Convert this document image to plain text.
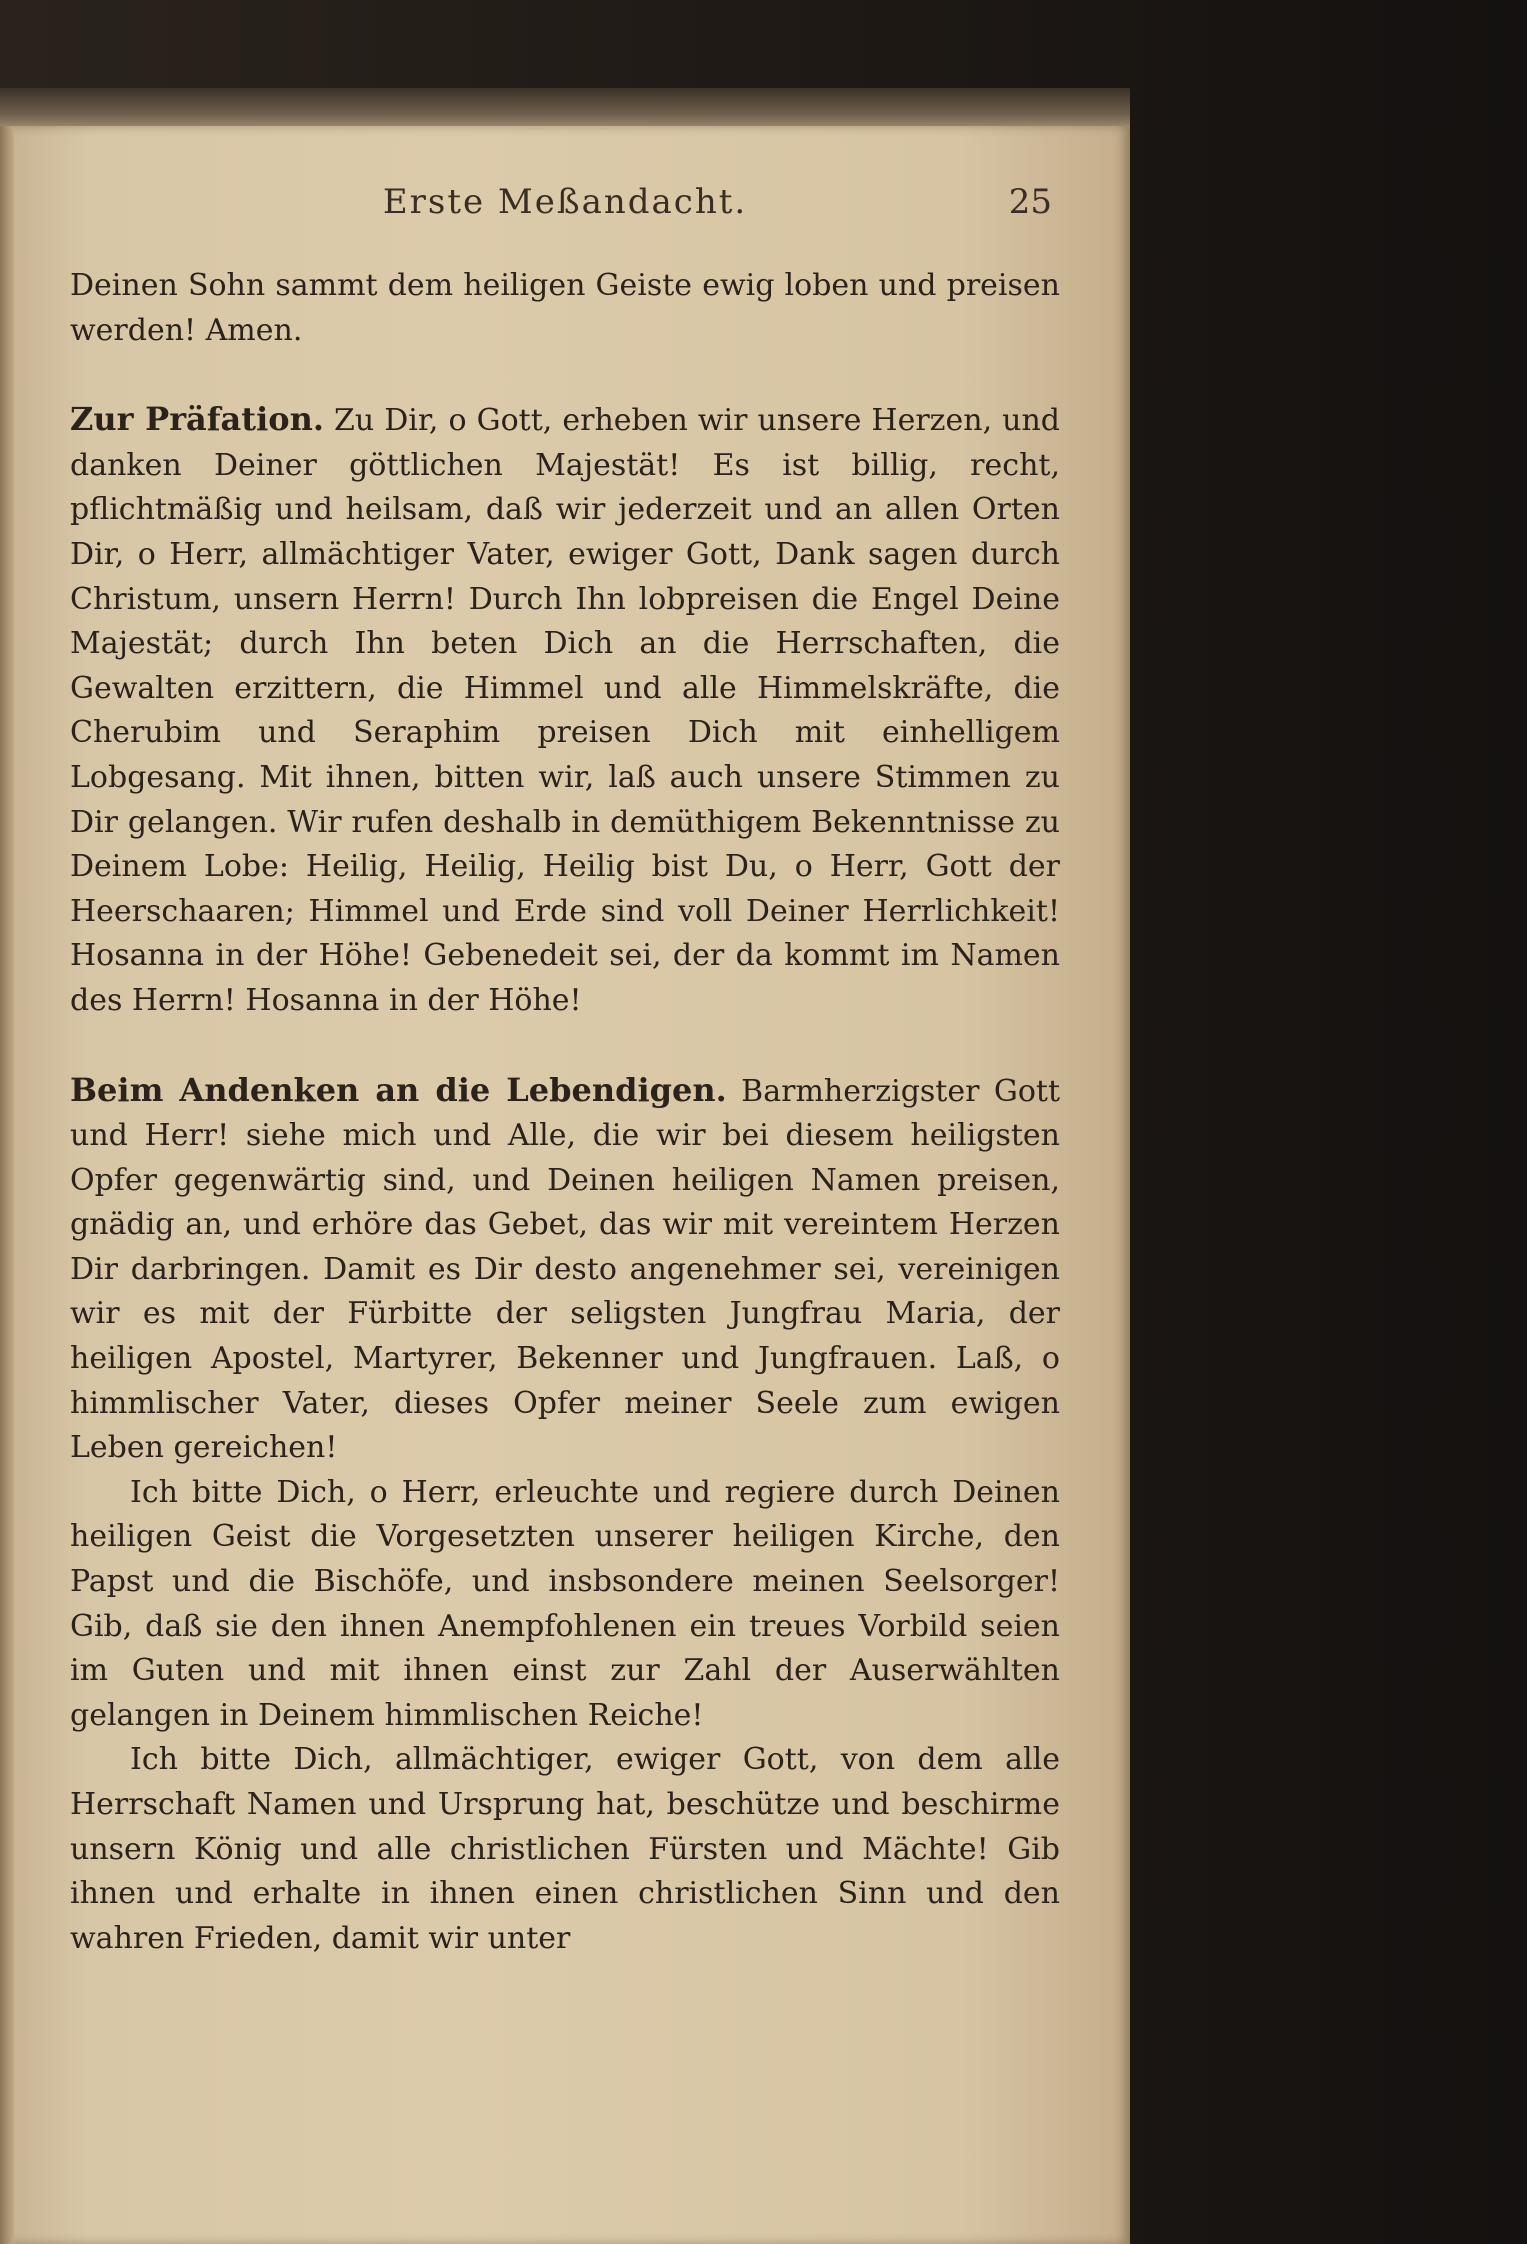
Erste Meßandacht.	25

Deinen Sohn sammt dem heiligen Geiste ewig loben und preisen werden! Amen.

Zur Präfation. Zu Dir, o Gott, erheben wir unsere Herzen, und danken Deiner göttlichen Majestät! Es ist billig, recht, pflichtmäßig und heilsam, daß wir jederzeit und an allen Orten Dir, o Herr, allmächtiger Vater, ewiger Gott, Dank sagen durch Christum, unsern Herrn! Durch Ihn lobpreisen die Engel Deine Majestät; durch Ihn beten Dich an die Herrschaften, die Gewalten erzittern, die Himmel und alle Himmelskräfte, die Cherubim und Seraphim preisen Dich mit einhelligem Lobgesang. Mit ihnen, bitten wir, laß auch unsere Stimmen zu Dir gelangen. Wir rufen deshalb in demüthigem Bekenntnisse zu Deinem Lobe: Heilig, Heilig, Heilig bist Du, o Herr, Gott der Heerschaaren; Himmel und Erde sind voll Deiner Herrlichkeit! Hosanna in der Höhe! Gebenedeit sei, der da kommt im Namen des Herrn! Hosanna in der Höhe!

Beim Andenken an die Lebendigen. Barmherzigster Gott und Herr! siehe mich und Alle, die wir bei diesem heiligsten Opfer gegenwärtig sind, und Deinen heiligen Namen preisen, gnädig an, und erhöre das Gebet, das wir mit vereintem Herzen Dir darbringen. Damit es Dir desto angenehmer sei, vereinigen wir es mit der Fürbitte der seligsten Jungfrau Maria, der heiligen Apostel, Martyrer, Bekenner und Jungfrauen. Laß, o himmlischer Vater, dieses Opfer meiner Seele zum ewigen Leben gereichen!

Ich bitte Dich, o Herr, erleuchte und regiere durch Deinen heiligen Geist die Vorgesetzten unserer heiligen Kirche, den Papst und die Bischöfe, und insbsondere meinen Seelsorger! Gib, daß sie den ihnen Anempfohlenen ein treues Vorbild seien im Guten und mit ihnen einst zur Zahl der Auserwählten gelangen in Deinem himmlischen Reiche!

Ich bitte Dich, allmächtiger, ewiger Gott, von dem alle Herrschaft Namen und Ursprung hat, beschütze und beschirme unsern König und alle christlichen Fürsten und Mächte! Gib ihnen und erhalte in ihnen einen christlichen Sinn und den wahren Frieden, damit wir unter
